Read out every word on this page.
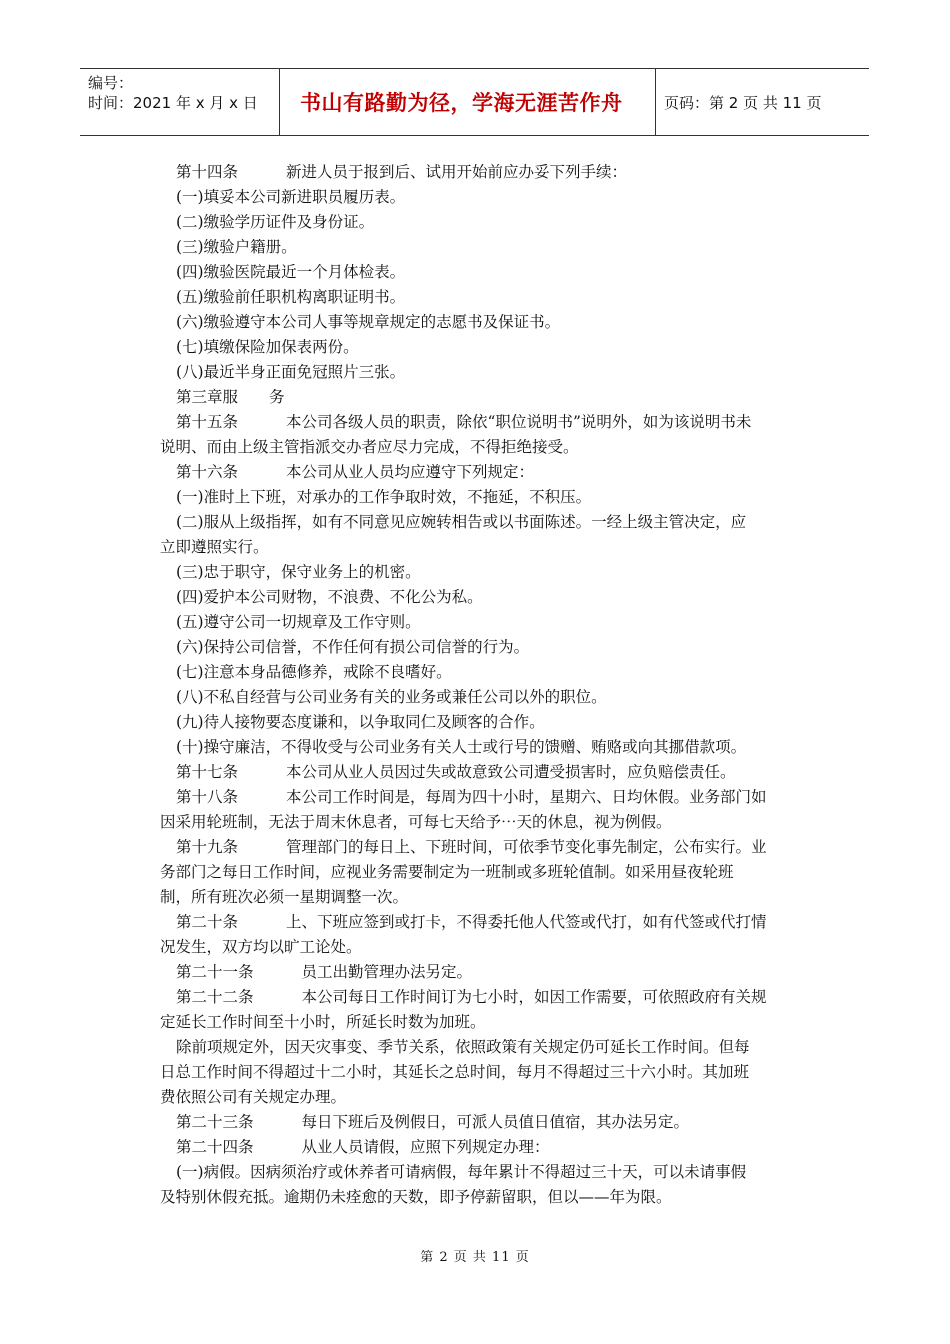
编号：
时间：2021 年 x 月 x 日	书山有路勤为径，学海无涯苦作舟	页码：第 2 页 共 11 页

第十四条	新进人员于报到后、试用开始前应办妥下列手续：

(一)填妥本公司新进职员履历表。

(二)缴验学历证件及身份证。

(三)缴验户籍册。

(四)缴验医院最近一个月体检表。

(五)缴验前任职机构离职证明书。

(六)缴验遵守本公司人事等规章规定的志愿书及保证书。

(七)填缴保险加保表两份。

(八)最近半身正面免冠照片三张。

第三章服　　务

第十五条	本公司各级人员的职责，除依“职位说明书”说明外，如为该说明书未

说明、而由上级主管指派交办者应尽力完成，不得拒绝接受。

第十六条	本公司从业人员均应遵守下列规定：

(一)准时上下班，对承办的工作争取时效，不拖延，不积压。

(二)服从上级指挥，如有不同意见应婉转相告或以书面陈述。一经上级主管决定，应

立即遵照实行。

(三)忠于职守，保守业务上的机密。

(四)爱护本公司财物，不浪费、不化公为私。

(五)遵守公司一切规章及工作守则。

(六)保持公司信誉，不作任何有损公司信誉的行为。

(七)注意本身品德修养，戒除不良嗜好。

(八)不私自经营与公司业务有关的业务或兼任公司以外的职位。

(九)待人接物要态度谦和，以争取同仁及顾客的合作。

(十)操守廉洁，不得收受与公司业务有关人士或行号的馈赠、贿赂或向其挪借款项。

第十七条	本公司从业人员因过失或故意致公司遭受损害时，应负赔偿责任。

第十八条	本公司工作时间是，每周为四十小时，星期六、日均休假。业务部门如

因采用轮班制，无法于周末休息者，可每七天给予⋯天的休息，视为例假。

第十九条	管理部门的每日上、下班时间，可依季节变化事先制定，公布实行。业

务部门之每日工作时间，应视业务需要制定为一班制或多班轮值制。如采用昼夜轮班

制，所有班次必须一星期调整一次。

第二十条	上、下班应签到或打卡，不得委托他人代签或代打，如有代签或代打情

况发生，双方均以旷工论处。

第二十一条	员工出勤管理办法另定。

第二十二条	本公司每日工作时间订为七小时，如因工作需要，可依照政府有关规

定延长工作时间至十小时，所延长时数为加班。

除前项规定外，因天灾事变、季节关系，依照政策有关规定仍可延长工作时间。但每

日总工作时间不得超过十二小时，其延长之总时间，每月不得超过三十六小时。其加班

费依照公司有关规定办理。

第二十三条	每日下班后及例假日，可派人员值日值宿，其办法另定。

第二十四条	从业人员请假，应照下列规定办理：

(一)病假。因病须治疗或休养者可请病假，每年累计不得超过三十天，可以未请事假

及特别休假充抵。逾期仍未痊愈的天数，即予停薪留职，但以——年为限。

第 2 页 共 11 页
